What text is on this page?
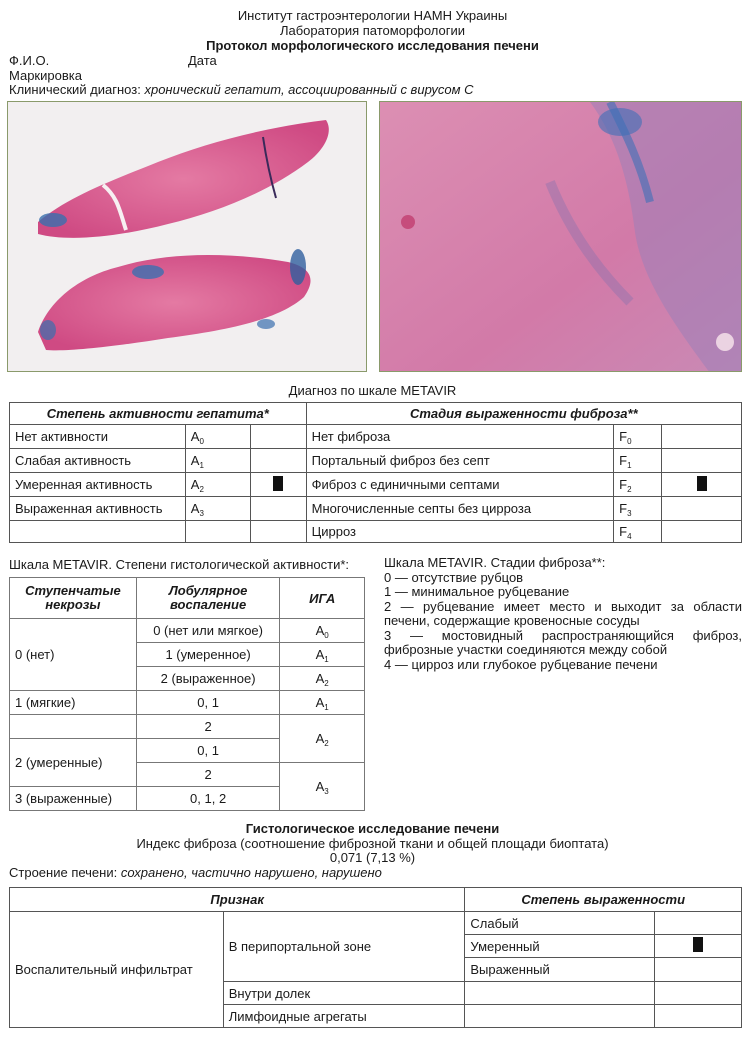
Институт гастроэнтерологии НАМН Украины
Лаборатория патоморфологии
Протокол морфологического исследования печени
Ф.И.О.	Дата
Маркировка
Клинический диагноз: хронический гепатит, ассоциированный с вирусом С
Диагноз по шкале METAVIR
Степень активности гепатита*			Стадия выраженности фиброза**		
Нет активности	$A_0$		Нет фиброза	$F_0$	
Слабая активность	$A_1$		Портальный фиброз без септ	$F_1$	
Умеренная активность	$A_2$		Фиброз с единичными септами	$F_2$	
Выраженная активность	$A_3$		Многочисленные септы без цирроза	$F_3$	
			Цирроз	$F_4$	
Шкала METAVIR. Степени гистологической активности*:
Ступенчатые некрозы	Лобулярное воспаление	ИГА
0 (нет)	0 (нет или мягкое)	$A_0$
	1 (умеренное)	$A_1$
	2 (выраженное)	$A_2$
1 (мягкие)	0, 1	$A_1$
	2	$A_2$
2 (умеренные)	0, 1	
	2	$A_3$
3 (выраженные)	0, 1, 2	
Шкала METAVIR. Стадии фиброза**:
0 — отсутствие рубцов
1 — минимальное рубцевание
2 — рубцевание имеет место и выходит за области печени, содержащие кровеносные сосуды
3 — мостовидный распространяющийся фиброз, фиброзные участки соединяются между собой
4 — цирроз или глубокое рубцевание печени
Гистологическое исследование печени
Индекс фиброза (соотношение фиброзной ткани и общей площади биоптата)
0,071 (7,13 %)
Строение печени: сохранено, частично нарушено, нарушено
Признак		Степень выраженности	
Воспалительный инфильтрат	В перипортальной зоне	Слабый	
		Умеренный	
		Выраженный	
	Внутри долек		
	Лимфоидные агрегаты		
